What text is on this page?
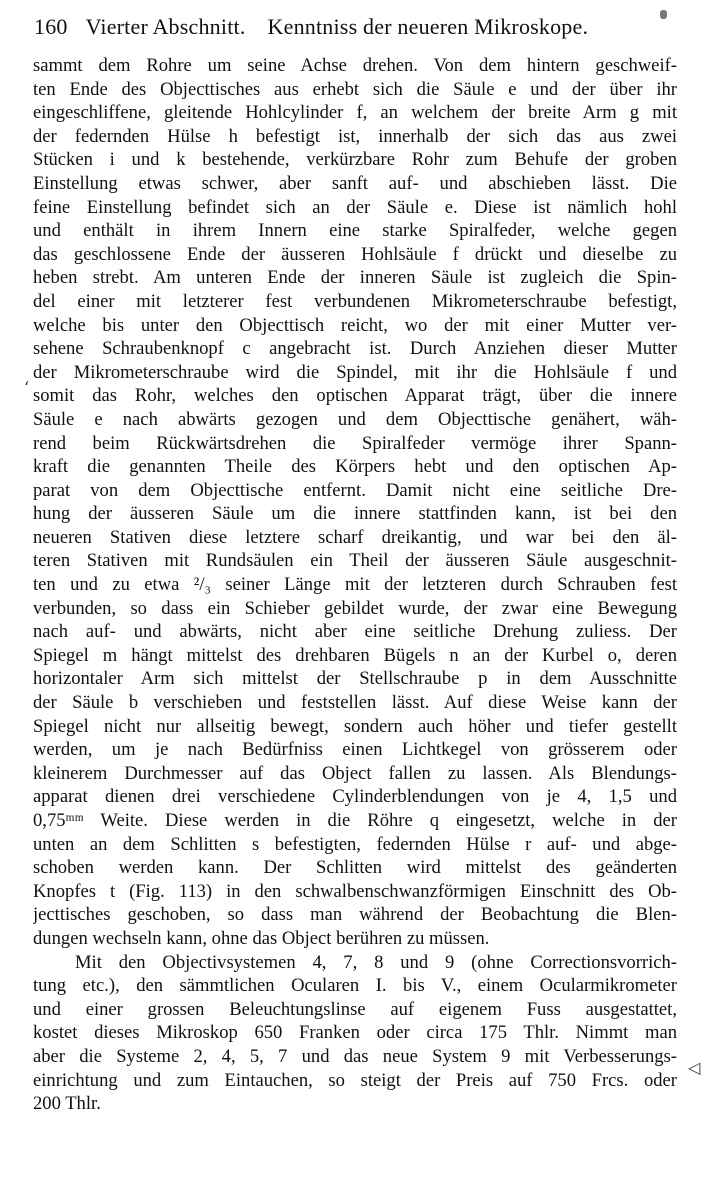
160 Vierter Abschnitt. Kenntniss der neueren Mikroskope.
sammt dem Rohre um seine Achse drehen. Von dem hintern geschweif-
ten Ende des Objecttisches aus erhebt sich die Säule e und der über ihr
eingeschliffene, gleitende Hohlcylinder f, an welchem der breite Arm g mit
der federnden Hülse h befestigt ist, innerhalb der sich das aus zwei
Stücken i und k bestehende, verkürzbare Rohr zum Behufe der groben
Einstellung etwas schwer, aber sanft auf- und abschieben lässt. Die
feine Einstellung befindet sich an der Säule e. Diese ist nämlich hohl
und enthält in ihrem Innern eine starke Spiralfeder, welche gegen
das geschlossene Ende der äusseren Hohlsäule f drückt und dieselbe zu
heben strebt. Am unteren Ende der inneren Säule ist zugleich die Spin-
del einer mit letzterer fest verbundenen Mikrometerschraube befestigt,
welche bis unter den Objecttisch reicht, wo der mit einer Mutter ver-
sehene Schraubenknopf c angebracht ist. Durch Anziehen dieser Mutter
der Mikrometerschraube wird die Spindel, mit ihr die Hohlsäule f und
somit das Rohr, welches den optischen Apparat trägt, über die innere
Säule e nach abwärts gezogen und dem Objecttische genähert, wäh-
rend beim Rückwärtsdrehen die Spiralfeder vermöge ihrer Spann-
kraft die genannten Theile des Körpers hebt und den optischen Ap-
parat von dem Objecttische entfernt. Damit nicht eine seitliche Dre-
hung der äusseren Säule um die innere stattfinden kann, ist bei den
neueren Stativen diese letztere scharf dreikantig, und war bei den äl-
teren Stativen mit Rundsäulen ein Theil der äusseren Säule ausgeschnit-
ten und zu etwa ²/₃ seiner Länge mit der letzteren durch Schrauben fest
verbunden, so dass ein Schieber gebildet wurde, der zwar eine Bewegung
nach auf- und abwärts, nicht aber eine seitliche Drehung zuliess. Der
Spiegel m hängt mittelst des drehbaren Bügels n an der Kurbel o, deren
horizontaler Arm sich mittelst der Stellschraube p in dem Ausschnitte
der Säule b verschieben und feststellen lässt. Auf diese Weise kann der
Spiegel nicht nur allseitig bewegt, sondern auch höher und tiefer gestellt
werden, um je nach Bedürfniss einen Lichtkegel von grösserem oder
kleinerem Durchmesser auf das Object fallen zu lassen. Als Blendungs-
apparat dienen drei verschiedene Cylinderblendungen von je 4, 1,5 und
0,75ᵐᵐ Weite. Diese werden in die Röhre q eingesetzt, welche in der
unten an dem Schlitten s befestigten, federnden Hülse r auf- und abge-
schoben werden kann. Der Schlitten wird mittelst des geänderten
Knopfes t (Fig. 113) in den schwalbenschwanzförmigen Einschnitt des Ob-
jecttisches geschoben, so dass man während der Beobachtung die Blen-
dungen wechseln kann, ohne das Object berühren zu müssen.
Mit den Objectivsystemen 4, 7, 8 und 9 (ohne Correctionsvorrich-
tung etc.), den sämmtlichen Ocularen I. bis V., einem Ocularmikrometer
und einer grossen Beleuchtungslinse auf eigenem Fuss ausgestattet,
kostet dieses Mikroskop 650 Franken oder circa 175 Thlr. Nimmt man
aber die Systeme 2, 4, 5, 7 und das neue System 9 mit Verbesserungs-
einrichtung und zum Eintauchen, so steigt der Preis auf 750 Frcs. oder
200 Thlr.
‘
◁
